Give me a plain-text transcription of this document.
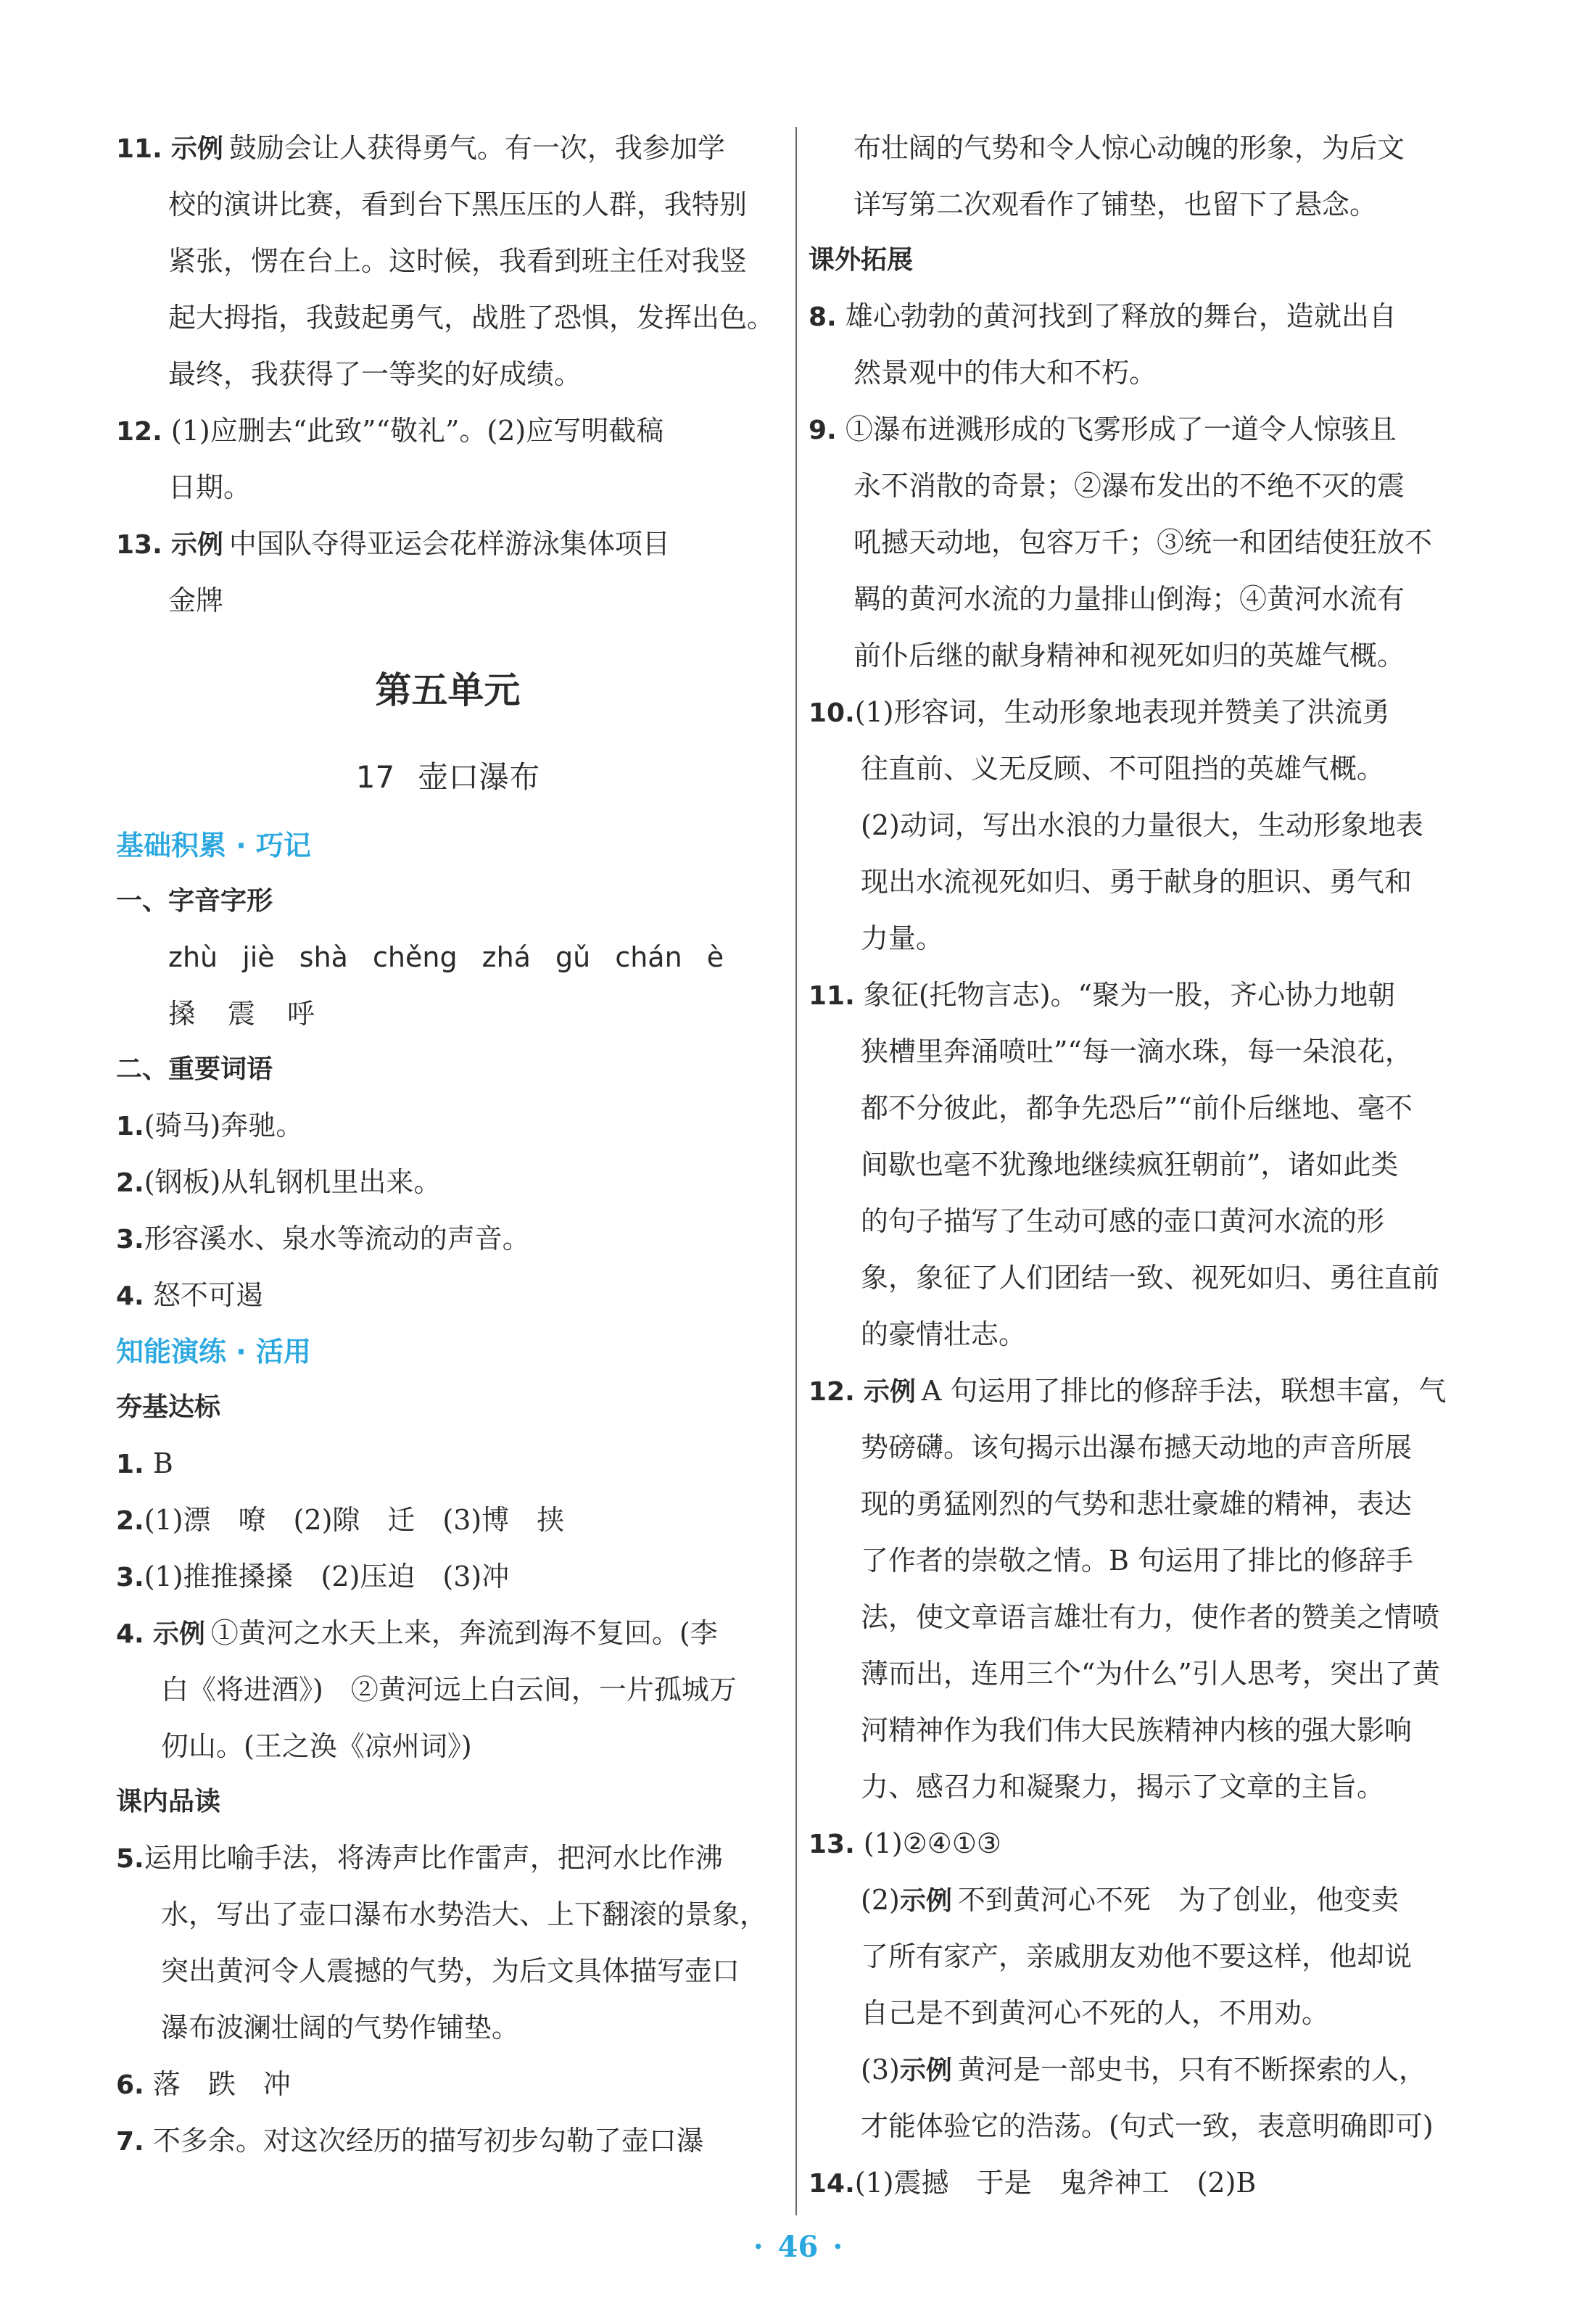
11. 示例 鼓励会让人获得勇气。有一次，我参加学
校的演讲比赛，看到台下黑压压的人群，我特别
紧张，愣在台上。这时候，我看到班主任对我竖
起大拇指，我鼓起勇气，战胜了恐惧，发挥出色。
最终，我获得了一等奖的好成绩。
12. (1)应删去“此致”“敬礼”。(2)应写明截稿
日期。
13. 示例 中国队夺得亚运会花样游泳集体项目
金牌
第五单元
17 壶口瀑布
基础积累 · 巧记
一、字音字形
zhù jiè shà chěng zhá gǔ chán è
搡 震 呼
二、重要词语
1.(骑马)奔驰。
2.(钢板)从轧钢机里出来。
3.形容溪水、泉水等流动的声音。
4. 怒不可遏
知能演练 · 活用
夯基达标
1. B
2.(1)漂　嘹　(2)隙　迁　(3)博　挟
3.(1)推推搡搡　(2)压迫　(3)冲
4. 示例 ①黄河之水天上来，奔流到海不复回。(李
白《将进酒》)　②黄河远上白云间，一片孤城万
仞山。(王之涣《凉州词》)
课内品读
5.运用比喻手法，将涛声比作雷声，把河水比作沸
水，写出了壶口瀑布水势浩大、上下翻滚的景象，
突出黄河令人震撼的气势，为后文具体描写壶口
瀑布波澜壮阔的气势作铺垫。
6. 落　跌　冲
7. 不多余。对这次经历的描写初步勾勒了壶口瀑
布壮阔的气势和令人惊心动魄的形象，为后文
详写第二次观看作了铺垫，也留下了悬念。
课外拓展
8. 雄心勃勃的黄河找到了释放的舞台，造就出自
然景观中的伟大和不朽。
9. ①瀑布迸溅形成的飞雾形成了一道令人惊骇且
永不消散的奇景；②瀑布发出的不绝不灭的震
吼撼天动地，包容万千；③统一和团结使狂放不
羁的黄河水流的力量排山倒海；④黄河水流有
前仆后继的献身精神和视死如归的英雄气概。
10.(1)形容词，生动形象地表现并赞美了洪流勇
往直前、义无反顾、不可阻挡的英雄气概。
(2)动词，写出水浪的力量很大，生动形象地表
现出水流视死如归、勇于献身的胆识、勇气和
力量。
11. 象征(托物言志)。“聚为一股，齐心协力地朝
狭槽里奔涌喷吐”“每一滴水珠，每一朵浪花，
都不分彼此，都争先恐后”“前仆后继地、毫不
间歇也毫不犹豫地继续疯狂朝前”，诸如此类
的句子描写了生动可感的壶口黄河水流的形
象，象征了人们团结一致、视死如归、勇往直前
的豪情壮志。
12. 示例 A 句运用了排比的修辞手法，联想丰富，气
势磅礴。该句揭示出瀑布撼天动地的声音所展
现的勇猛刚烈的气势和悲壮豪雄的精神，表达
了作者的崇敬之情。B 句运用了排比的修辞手
法，使文章语言雄壮有力，使作者的赞美之情喷
薄而出，连用三个“为什么”引人思考，突出了黄
河精神作为我们伟大民族精神内核的强大影响
力、感召力和凝聚力，揭示了文章的主旨。
13. (1)②④①③
(2)示例 不到黄河心不死　为了创业，他变卖
了所有家产，亲戚朋友劝他不要这样，他却说
自己是不到黄河心不死的人，不用劝。
(3)示例 黄河是一部史书，只有不断探索的人，
才能体验它的浩荡。(句式一致，表意明确即可)
14.(1)震撼　于是　鬼斧神工　(2)B
· 46 ·
